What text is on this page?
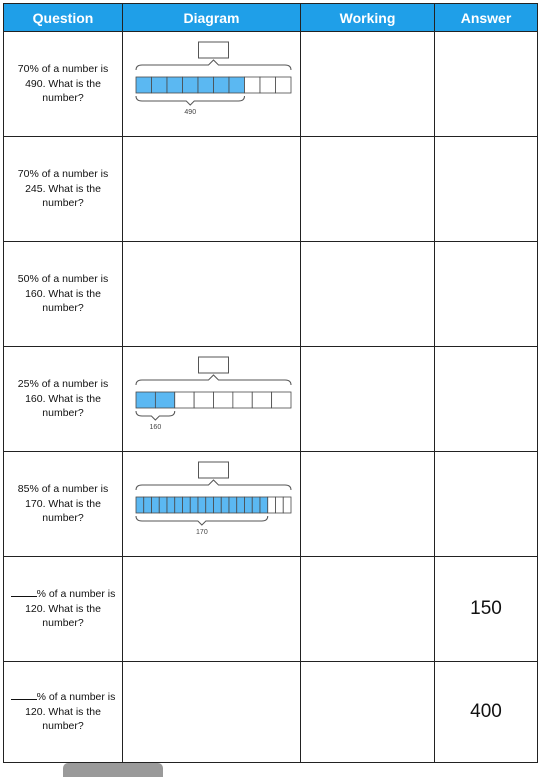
Question	Diagram	Working	Answer

70% of a number is 490. What is the number?	490		

70% of a number is 245. What is the number?			

50% of a number is 160. What is the number?			

25% of a number is 160. What is the number?	160		

85% of a number is 170. What is the number?	170		

% of a number is 120. What is the number?			150

% of a number is 120. What is the number?			400
